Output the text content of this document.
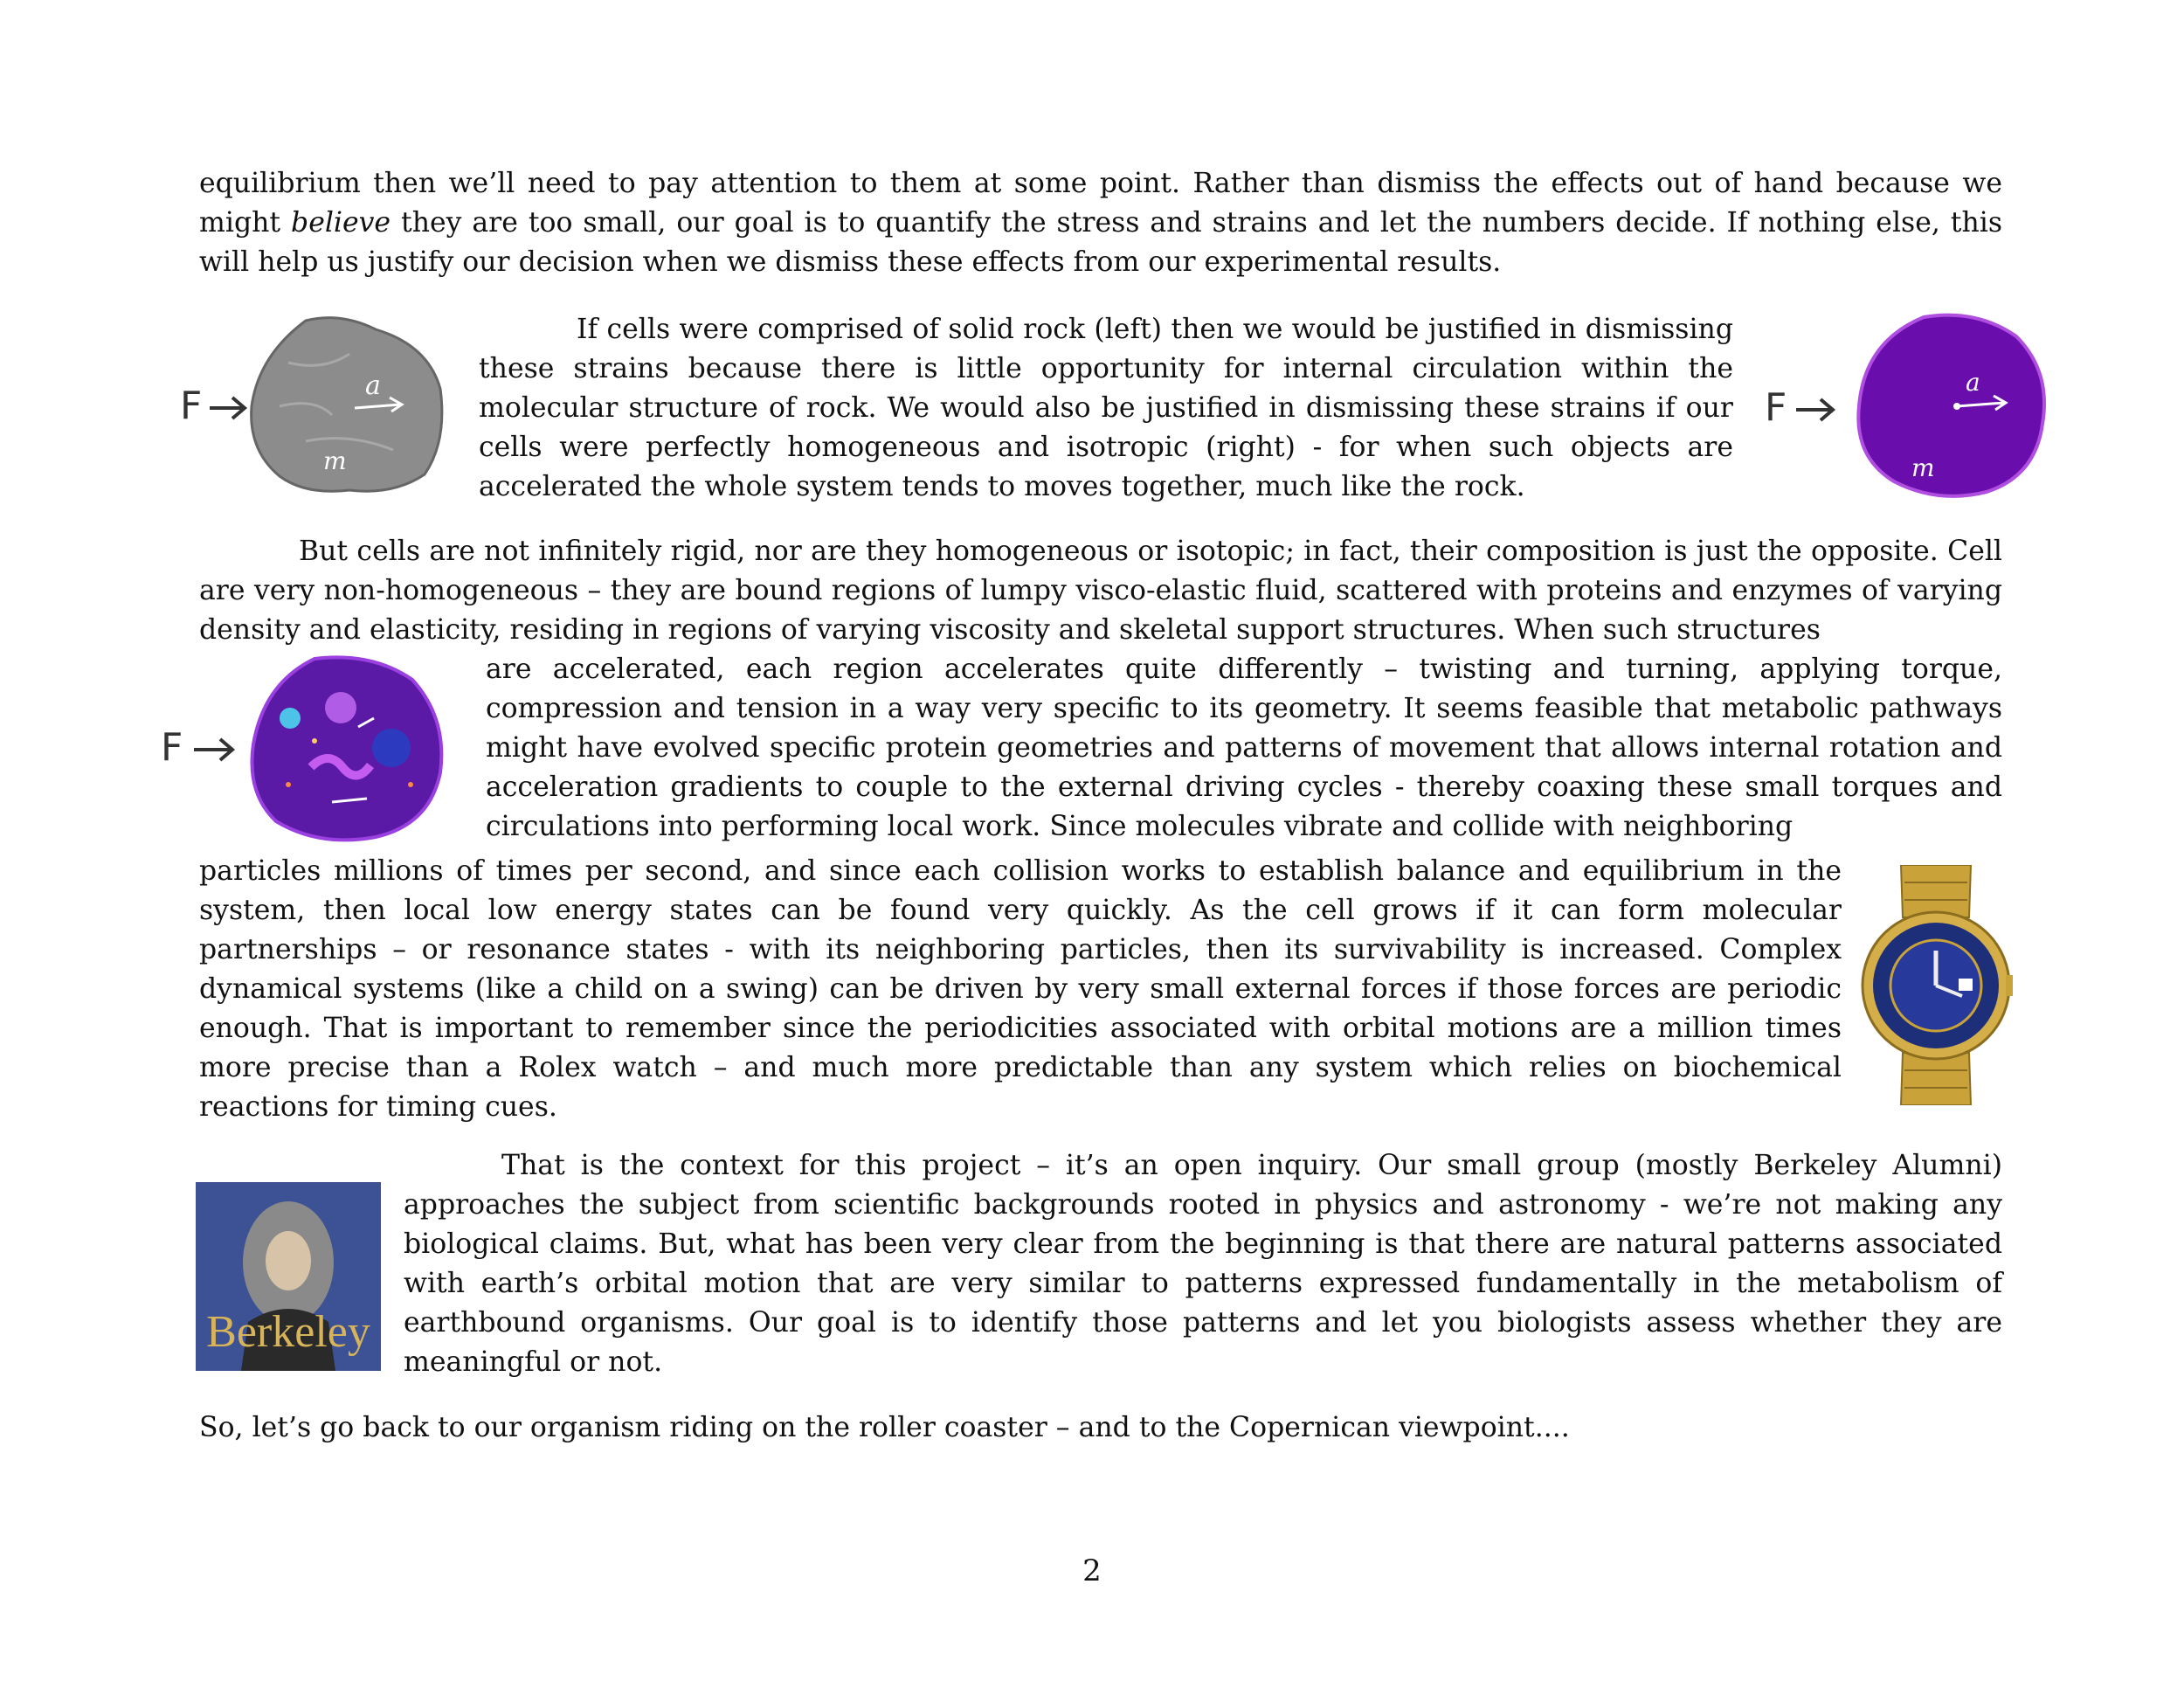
equilibrium then we’ll need to pay attention to them at some point. Rather than dismiss the effects out of hand because we might believe they are too small, our goal is to quantify the stress and strains and let the numbers decide. If nothing else, this will help us justify our decision when we dismiss these effects from our experimental results.

F	a
m

If cells were comprised of solid rock (left) then we would be justified in dismissing these strains because there is little opportunity for internal circulation within the molecular structure of rock. We would also be justified in dismissing these strains if our cells were perfectly homogeneous and isotropic (right) - for when such objects are accelerated the whole system tends to moves together, much like the rock.

F
a
m

But cells are not infinitely rigid, nor are they homogeneous or isotopic; in fact, their composition is just the opposite. Cell are very non-homogeneous – they are bound regions of lumpy visco-elastic fluid, scattered with proteins and enzymes of varying density and elasticity, residing in regions of varying viscosity and skeletal support structures. When such structures

F

are accelerated, each region accelerates quite differently – twisting and turning, applying torque, compression and tension in a way very specific to its geometry. It seems feasible that metabolic pathways might have evolved specific protein geometries and patterns of movement that allows internal rotation and acceleration gradients to couple to the external driving cycles - thereby coaxing these small torques and circulations into performing local work. Since molecules vibrate and collide with neighboring

particles millions of times per second, and since each collision works to establish balance and equilibrium in the system, then local low energy states can be found very quickly. As the cell grows if it can form molecular partnerships – or resonance states - with its neighboring particles, then its survivability is increased. Complex dynamical systems (like a child on a swing) can be driven by very small external forces if those forces are periodic enough. That is important to remember since the periodicities associated with orbital motions are a million times more precise than a Rolex watch – and much more predictable than any system which relies on biochemical reactions for timing cues.

Berkeley

That is the context for this project – it’s an open inquiry. Our small group (mostly Berkeley Alumni) approaches the subject from scientific backgrounds rooted in physics and astronomy - we’re not making any biological claims. But, what has been very clear from the beginning is that there are natural patterns associated with earth’s orbital motion that are very similar to patterns expressed fundamentally in the metabolism of earthbound organisms. Our goal is to identify those patterns and let you biologists assess whether they are meaningful or not.

So, let’s go back to our organism riding on the roller coaster – and to the Copernican viewpoint....

2
